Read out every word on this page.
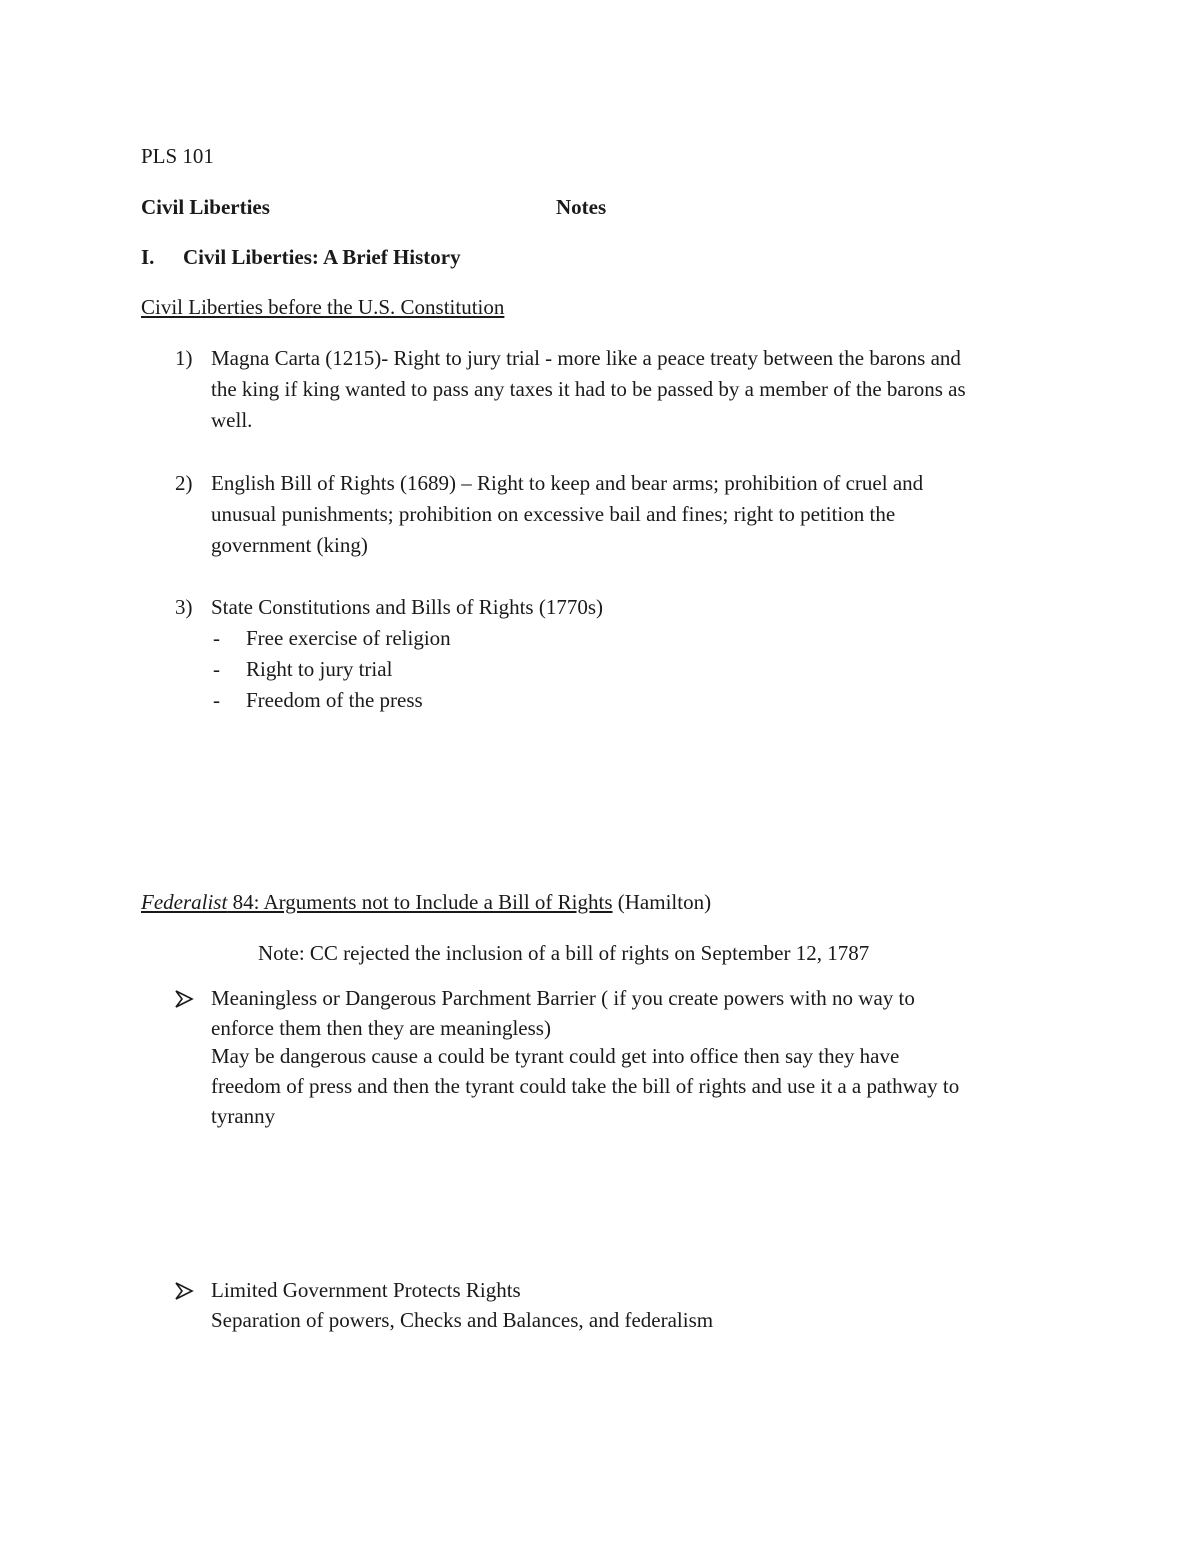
PLS 101
Civil Liberties	Notes
I. Civil Liberties: A Brief History
Civil Liberties before the U.S. Constitution
1) Magna Carta (1215)- Right to jury trial - more like a peace treaty between the barons and
the king if king wanted to pass any taxes it had to be passed by a member of the barons as
well.
2) English Bill of Rights (1689) – Right to keep and bear arms; prohibition of cruel and
unusual punishments; prohibition on excessive bail and fines; right to petition the
government (king)
3) State Constitutions and Bills of Rights (1770s)
- Free exercise of religion
- Right to jury trial
- Freedom of the press
Federalist 84: Arguments not to Include a Bill of Rights (Hamilton)
Note: CC rejected the inclusion of a bill of rights on September 12, 1787
Meaningless or Dangerous Parchment Barrier ( if you create powers with no way to
enforce them then they are meaningless)
May be dangerous cause a could be tyrant could get into office then say they have
freedom of press and then the tyrant could take the bill of rights and use it a a pathway to
tyranny
Limited Government Protects Rights
Separation of powers, Checks and Balances, and federalism
